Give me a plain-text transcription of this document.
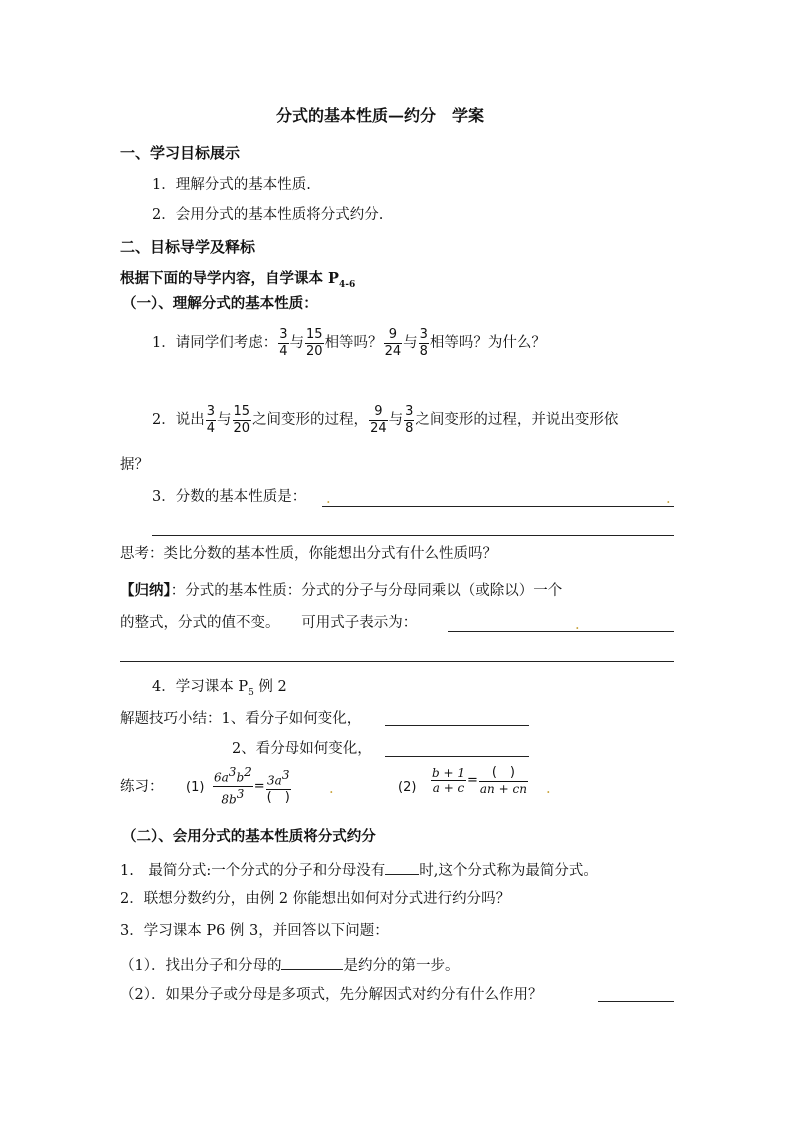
分式的基本性质—约分　学案
一、学习目标展示
1．理解分式的基本性质.
2．会用分式的基本性质将分式约分.
二、目标导学及释标
根据下面的导学内容，自学课本 $P_{4-6}$
（一）、理解分式的基本性质：
1．请同学们考虑： $\frac{3}{4}$ 与 $\frac{15}{20}$ 相等吗？ $\frac{9}{24}$ 与 $\frac{3}{8}$ 相等吗？为什么？
2．说出 $\frac{3}{4}$ 与 $\frac{15}{20}$ 之间变形的过程， $\frac{9}{24}$ 与 $\frac{3}{8}$ 之间变形的过程，并说出变形依
据？
3．分数的基本性质是： .	.
思考：类比分数的基本性质，你能想出分式有什么性质吗？
【归纳】：分式的基本性质：分式的分子与分母同乘以（或除以）一个
的整式，分式的值不变。　　可用式子表示为：	.
4．学习课本 $P_5$ 例 2
解题技巧小结：1、看分子如何变化，
2、看分母如何变化，
练习： $(1) \frac{6a^3b^2}{8b^3} = \frac{3a^3}{( )}$	.	$(2) \frac{b + 1}{a + c} = \frac{( )}{an + cn}$ .
（二）、会用分式的基本性质将分式约分
1.　最简分式:一个分式的分子和分母没有 时,这个分式称为最简分式。
2．联想分数约分，由例 2 你能想出如何对分式进行约分吗？
3．学习课本 P6 例 3，并回答以下问题：
（1）．找出分子和分母的	是约分的第一步。
（2）．如果分子或分母是多项式，先分解因式对约分有什么作用？
